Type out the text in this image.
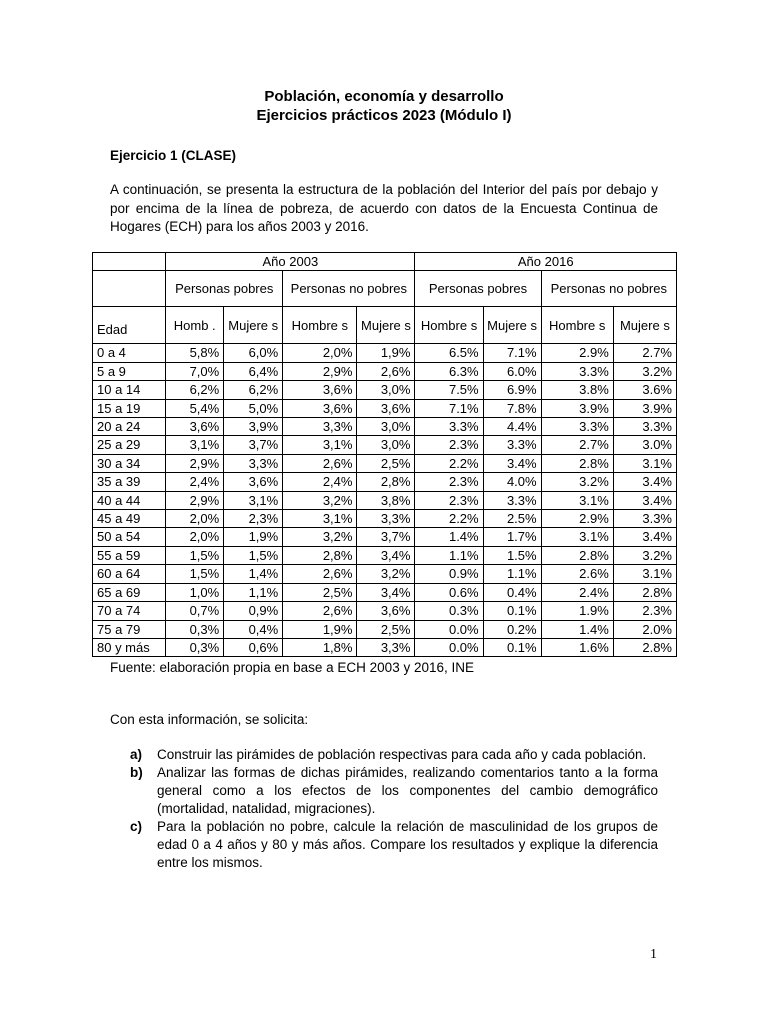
Población, economía y desarrollo
Ejercicios prácticos 2023 (Módulo I)
Ejercicio 1 (CLASE)
A continuación, se presenta la estructura de la población del Interior del país por debajo y por encima de la línea de pobreza, de acuerdo con datos de la Encuesta Continua de Hogares (ECH) para los años 2003 y 2016.
	Año 2003				Año 2016			
	Personas pobres		Personas no pobres		Personas pobres		Personas no pobres	
Edad	Homb .	Mujere s	Hombre s	Mujere s	Hombre s	Mujere s	Hombre s	Mujere s
0 a 4	5,8%	6,0%	2,0%	1,9%	6.5%	7.1%	2.9%	2.7%
5 a 9	7,0%	6,4%	2,9%	2,6%	6.3%	6.0%	3.3%	3.2%
10 a 14	6,2%	6,2%	3,6%	3,0%	7.5%	6.9%	3.8%	3.6%
15 a 19	5,4%	5,0%	3,6%	3,6%	7.1%	7.8%	3.9%	3.9%
20 a 24	3,6%	3,9%	3,3%	3,0%	3.3%	4.4%	3.3%	3.3%
25 a 29	3,1%	3,7%	3,1%	3,0%	2.3%	3.3%	2.7%	3.0%
30 a 34	2,9%	3,3%	2,6%	2,5%	2.2%	3.4%	2.8%	3.1%
35 a 39	2,4%	3,6%	2,4%	2,8%	2.3%	4.0%	3.2%	3.4%
40 a 44	2,9%	3,1%	3,2%	3,8%	2.3%	3.3%	3.1%	3.4%
45 a 49	2,0%	2,3%	3,1%	3,3%	2.2%	2.5%	2.9%	3.3%
50 a 54	2,0%	1,9%	3,2%	3,7%	1.4%	1.7%	3.1%	3.4%
55 a 59	1,5%	1,5%	2,8%	3,4%	1.1%	1.5%	2.8%	3.2%
60 a 64	1,5%	1,4%	2,6%	3,2%	0.9%	1.1%	2.6%	3.1%
65 a 69	1,0%	1,1%	2,5%	3,4%	0.6%	0.4%	2.4%	2.8%
70 a 74	0,7%	0,9%	2,6%	3,6%	0.3%	0.1%	1.9%	2.3%
75 a 79	0,3%	0,4%	1,9%	2,5%	0.0%	0.2%	1.4%	2.0%
80 y más	0,3%	0,6%	1,8%	3,3%	0.0%	0.1%	1.6%	2.8%
Fuente: elaboración propia en base a ECH 2003 y 2016, INE
Con esta información, se solicita:
a) Construir las pirámides de población respectivas para cada año y cada población.
b) Analizar las formas de dichas pirámides, realizando comentarios tanto a la forma general como a los efectos de los componentes del cambio demográfico (mortalidad, natalidad, migraciones).
c) Para la población no pobre, calcule la relación de masculinidad de los grupos de edad 0 a 4 años y 80 y más años. Compare los resultados y explique la diferencia entre los mismos.
1
